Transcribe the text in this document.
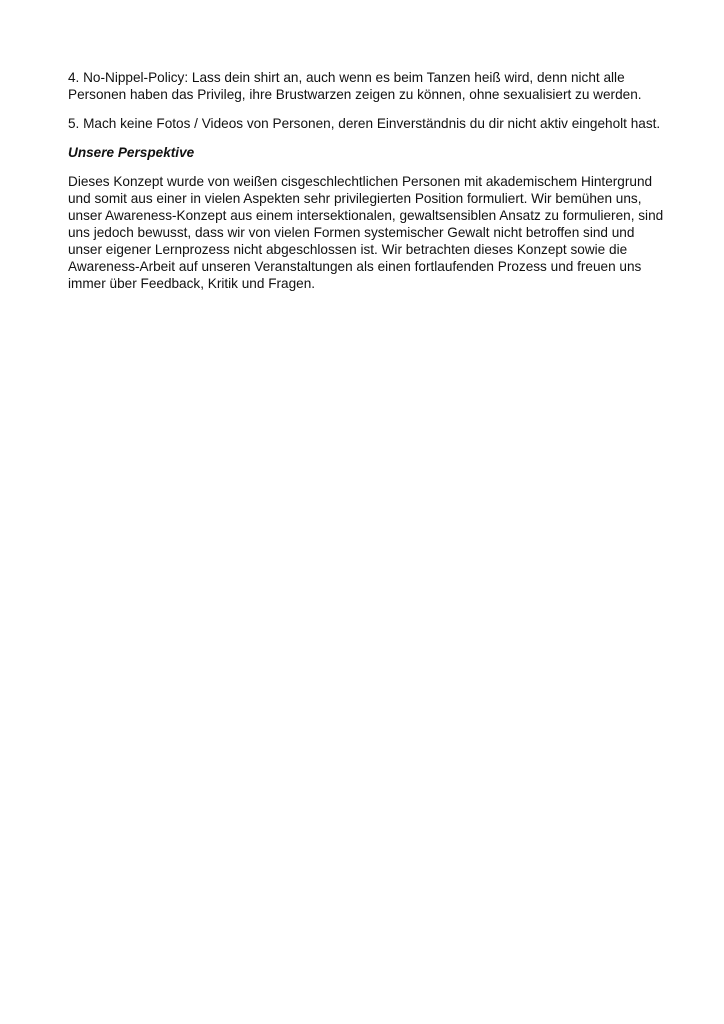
4. No-Nippel-Policy: Lass dein shirt an, auch wenn es beim Tanzen heiß wird, denn nicht alle Personen haben das Privileg, ihre Brustwarzen zeigen zu können, ohne sexualisiert zu werden.

5. Mach keine Fotos / Videos von Personen, deren Einverständnis du dir nicht aktiv eingeholt hast.

Unsere Perspektive

Dieses Konzept wurde von weißen cisgeschlechtlichen Personen mit akademischem Hintergrund und somit aus einer in vielen Aspekten sehr privilegierten Position formuliert. Wir bemühen uns, unser Awareness-Konzept aus einem intersektionalen, gewaltsensiblen Ansatz zu formulieren, sind uns jedoch bewusst, dass wir von vielen Formen systemischer Gewalt nicht betroffen sind und unser eigener Lernprozess nicht abgeschlossen ist. Wir betrachten dieses Konzept sowie die Awareness-Arbeit auf unseren Veranstaltungen als einen fortlaufenden Prozess und freuen uns immer über Feedback, Kritik und Fragen.
